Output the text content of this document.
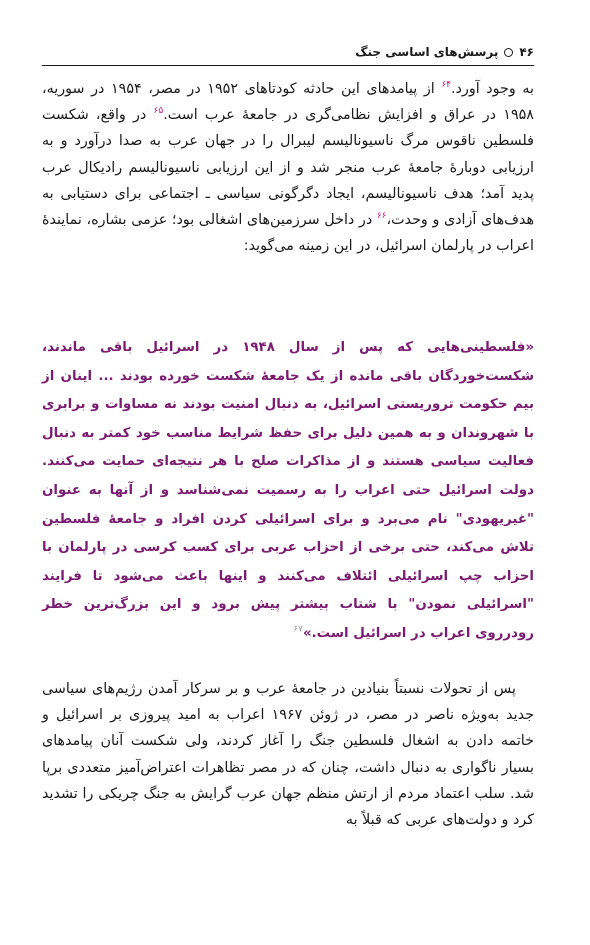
۴۶
پرسش‌های اساسی جنگ
به وجود آورد.$^{۶۴}$ از پیامدهای این حادثه کودتاهای ۱۹۵۲ در مصر، ۱۹۵۴ در سوریه، ۱۹۵۸ در عراق و افزایش نظامی‌گری در جامعهٔ عرب است.$^{۶۵}$ در واقع، شکست فلسطین ناقوس مرگ ناسیونالیسم لیبرال را در جهان عرب به صدا درآورد و به ارزیابی دوبارهٔ جامعهٔ عرب منجر شد و از این ارزیابی ناسیونالیسم رادیکال عرب پدید آمد؛ هدف ناسیونالیسم، ایجاد دگرگونی سیاسی ـ اجتماعی برای دستیابی به هدف‌های آزادی و وحدت،$^{۶۶}$ در داخل سرزمین‌های اشغالی بود؛ عزمی بشاره، نمایندهٔ اعراب در پارلمان اسرائیل، در این زمینه می‌گوید:
«فلسطینی‌هایی که پس از سال ۱۹۴۸ در اسرائیل باقی ماندند، شکست‌خوردگان باقی مانده از یک جامعهٔ شکست خورده بودند ... اینان از بیم حکومت تروریستی اسرائیل، به دنبال امنیت بودند نه مساوات و برابری با شهروندان و به همین دلیل برای حفظ شرایط مناسب خود کمتر به دنبال فعالیت سیاسی هستند و از مذاکرات صلح با هر نتیجه‌ای حمایت می‌کنند. دولت اسرائیل حتی اعراب را به رسمیت نمی‌شناسد و از آنها به عنوان "غیریهودی" نام می‌برد و برای اسرائیلی کردن افراد و جامعهٔ فلسطین تلاش می‌کند، حتی برخی از احزاب عربی برای کسب کرسی در پارلمان با احزاب چپ اسرائیلی ائتلاف می‌کنند و اینها باعث می‌شود تا فرایند "اسرائیلی نمودن" با شتاب بیشتر پیش برود و این بزرگ‌ترین خطر رودرروی اعراب در اسرائیل است.»$^{۶۷}$
پس از تحولات نسبتاً بنیادین در جامعهٔ عرب و بر سرکار آمدن رژیم‌های سیاسی جدید به‌ویژه ناصر در مصر، در ژوئن ۱۹۶۷ اعراب به امید پیروزی بر اسرائیل و خاتمه دادن به اشغال فلسطین جنگ را آغاز کردند، ولی شکست آنان پیامدهای بسیار ناگواری به دنبال داشت، چنان که در مصر تظاهرات اعتراض‌آمیز متعددی برپا شد. سلب اعتماد مردم از ارتش منظم جهان عرب گرایش به جنگ چریکی را تشدید کرد و دولت‌های عربی که قبلاً به
